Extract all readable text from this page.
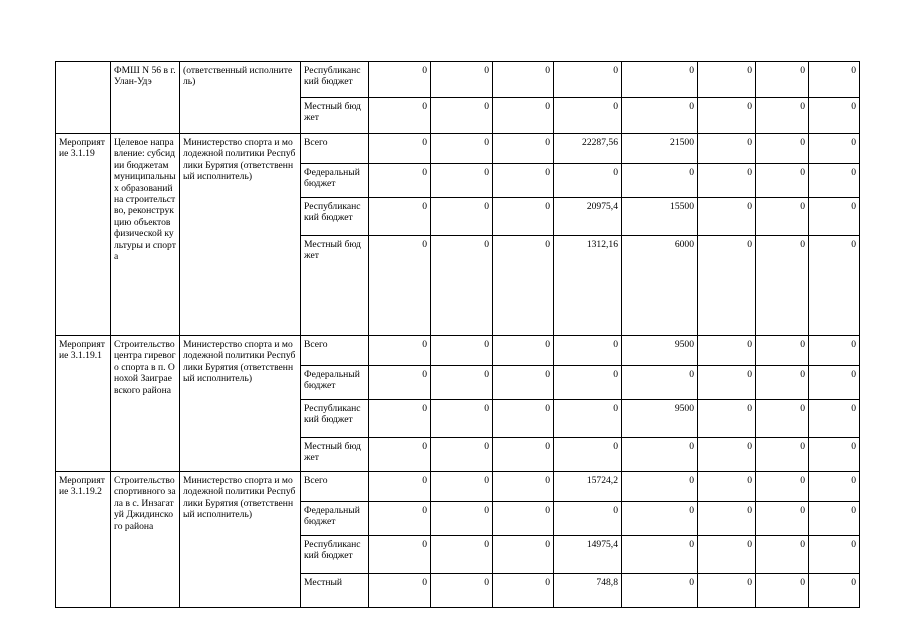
	ФМШ N 56 в г. Улан-Удэ	(ответственный исполнитель)	Республиканский бюджет	0	0	0	0	0	0	0	0
			Местный бюджет	0	0	0	0	0	0	0	0
Мероприятие 3.1.19	Целевое направление: субсидии бюджетам муниципальных образований на строительство, реконструкцию объектов физической культуры и спорта	Министерство спорта и молодежной политики Республики Бурятия (ответственный исполнитель)	Всего	0	0	0	22287,56	21500	0	0	0
			Федеральный бюджет	0	0	0	0	0	0	0	0
			Республиканский бюджет	0	0	0	20975,4	15500	0	0	0
			Местный бюджет	0	0	0	1312,16	6000	0	0	0
Мероприятие 3.1.19.1	Строительство центра гиревого спорта в п. Онохой Заиграевского района	Министерство спорта и молодежной политики Республики Бурятия (ответственный исполнитель)	Всего	0	0	0	0	9500	0	0	0
			Федеральный бюджет	0	0	0	0	0	0	0	0
			Республиканский бюджет	0	0	0	0	9500	0	0	0
			Местный бюджет	0	0	0	0	0	0	0	0
Мероприятие 3.1.19.2	Строительство спортивного зала в с. Инзагатуй Джидинского района	Министерство спорта и молодежной политики Республики Бурятия (ответственный исполнитель)	Всего	0	0	0	15724,2	0	0	0	0
			Федеральный бюджет	0	0	0	0	0	0	0	0
			Республиканский бюджет	0	0	0	14975,4	0	0	0	0
			Местный	0	0	0	748,8	0	0	0	0
